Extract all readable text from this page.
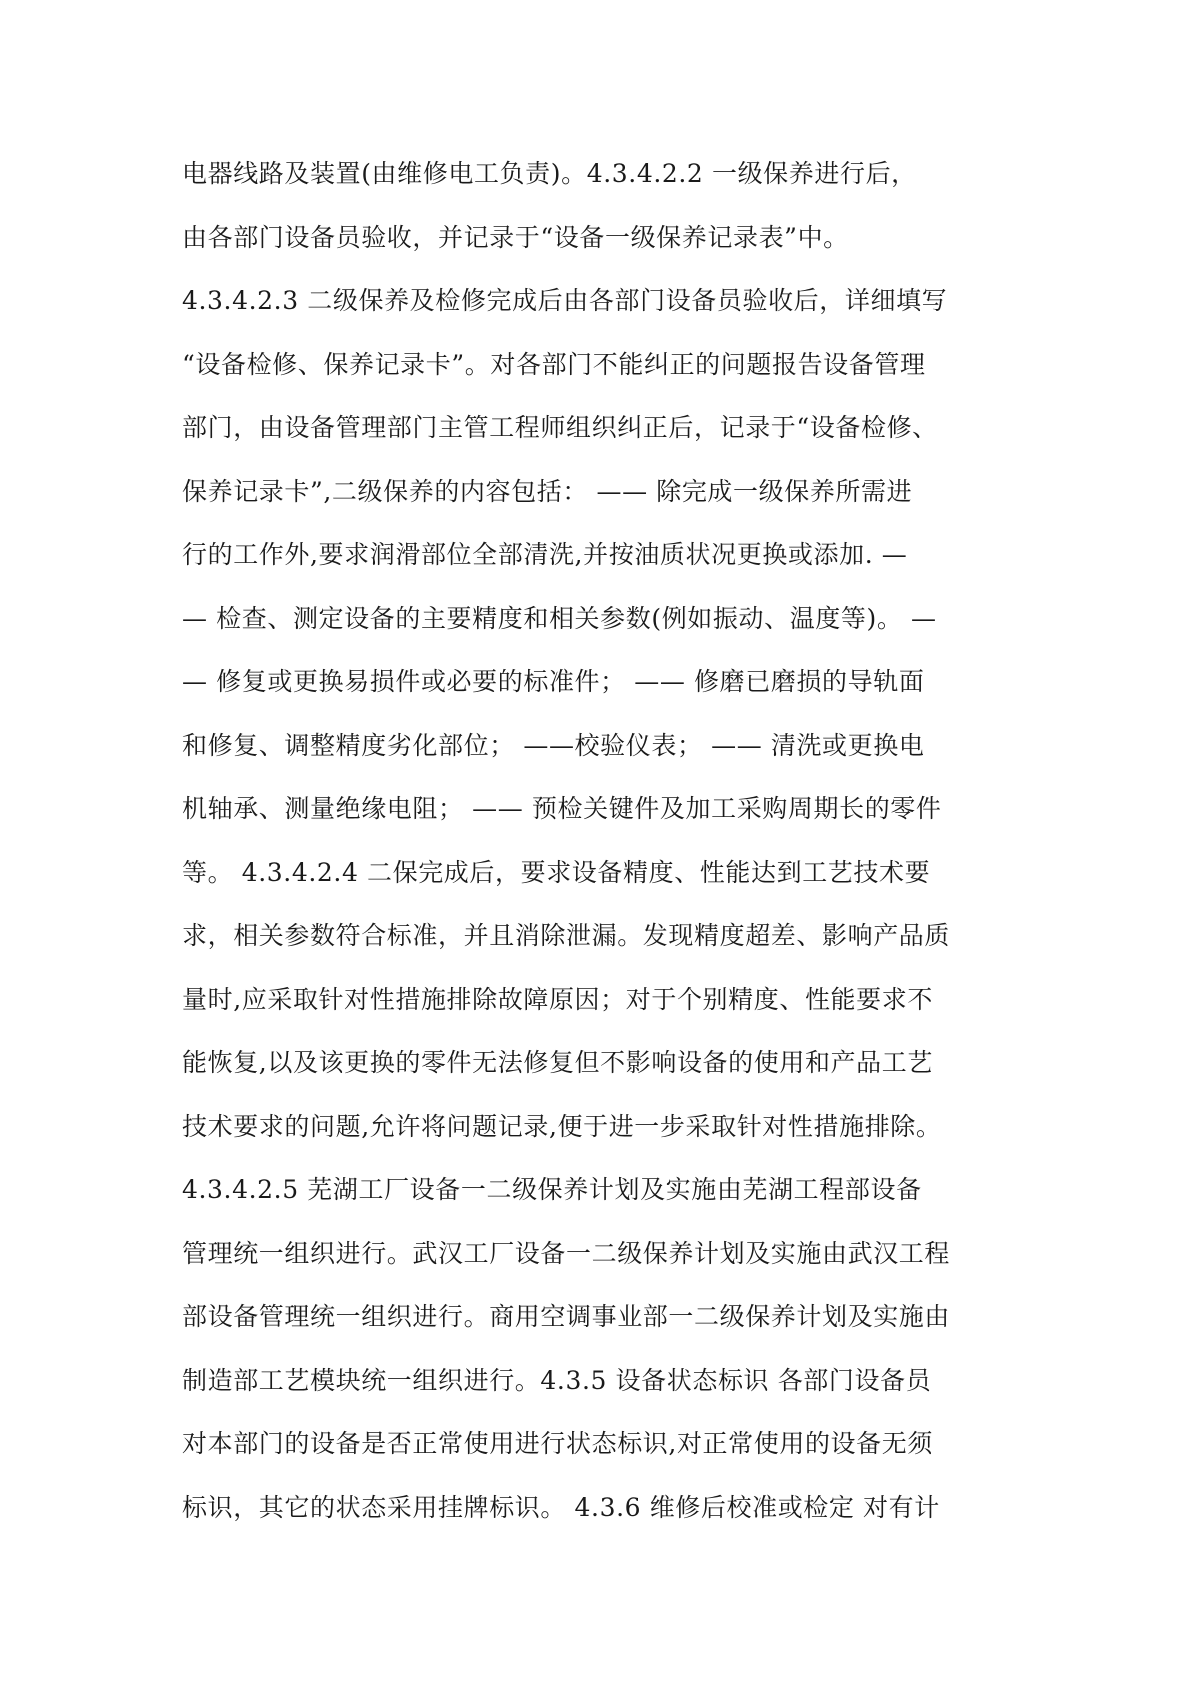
电器线路及装置(由维修电工负责)。4.3.4.2.2 一级保养进行后，
由各部门设备员验收，并记录于“设备一级保养记录表”中。
4.3.4.2.3 二级保养及检修完成后由各部门设备员验收后，详细填写
“设备检修、保养记录卡”。对各部门不能纠正的问题报告设备管理
部门，由设备管理部门主管工程师组织纠正后，记录于“设备检修、
保养记录卡”,二级保养的内容包括： —— 除完成一级保养所需进
行的工作外,要求润滑部位全部清洗,并按油质状况更换或添加. —
— 检查、测定设备的主要精度和相关参数(例如振动、温度等)。 —
— 修复或更换易损件或必要的标准件； —— 修磨已磨损的导轨面
和修复、调整精度劣化部位； ——校验仪表； —— 清洗或更换电
机轴承、测量绝缘电阻； —— 预检关键件及加工采购周期长的零件
等。 4.3.4.2.4 二保完成后，要求设备精度、性能达到工艺技术要
求，相关参数符合标准，并且消除泄漏。发现精度超差、影响产品质
量时,应采取针对性措施排除故障原因；对于个别精度、性能要求不
能恢复,以及该更换的零件无法修复但不影响设备的使用和产品工艺
技术要求的问题,允许将问题记录,便于进一步采取针对性措施排除。
4.3.4.2.5 芜湖工厂设备一二级保养计划及实施由芜湖工程部设备
管理统一组织进行。武汉工厂设备一二级保养计划及实施由武汉工程
部设备管理统一组织进行。商用空调事业部一二级保养计划及实施由
制造部工艺模块统一组织进行。4.3.5 设备状态标识 各部门设备员
对本部门的设备是否正常使用进行状态标识,对正常使用的设备无须
标识，其它的状态采用挂牌标识。 4.3.6 维修后校准或检定 对有计
